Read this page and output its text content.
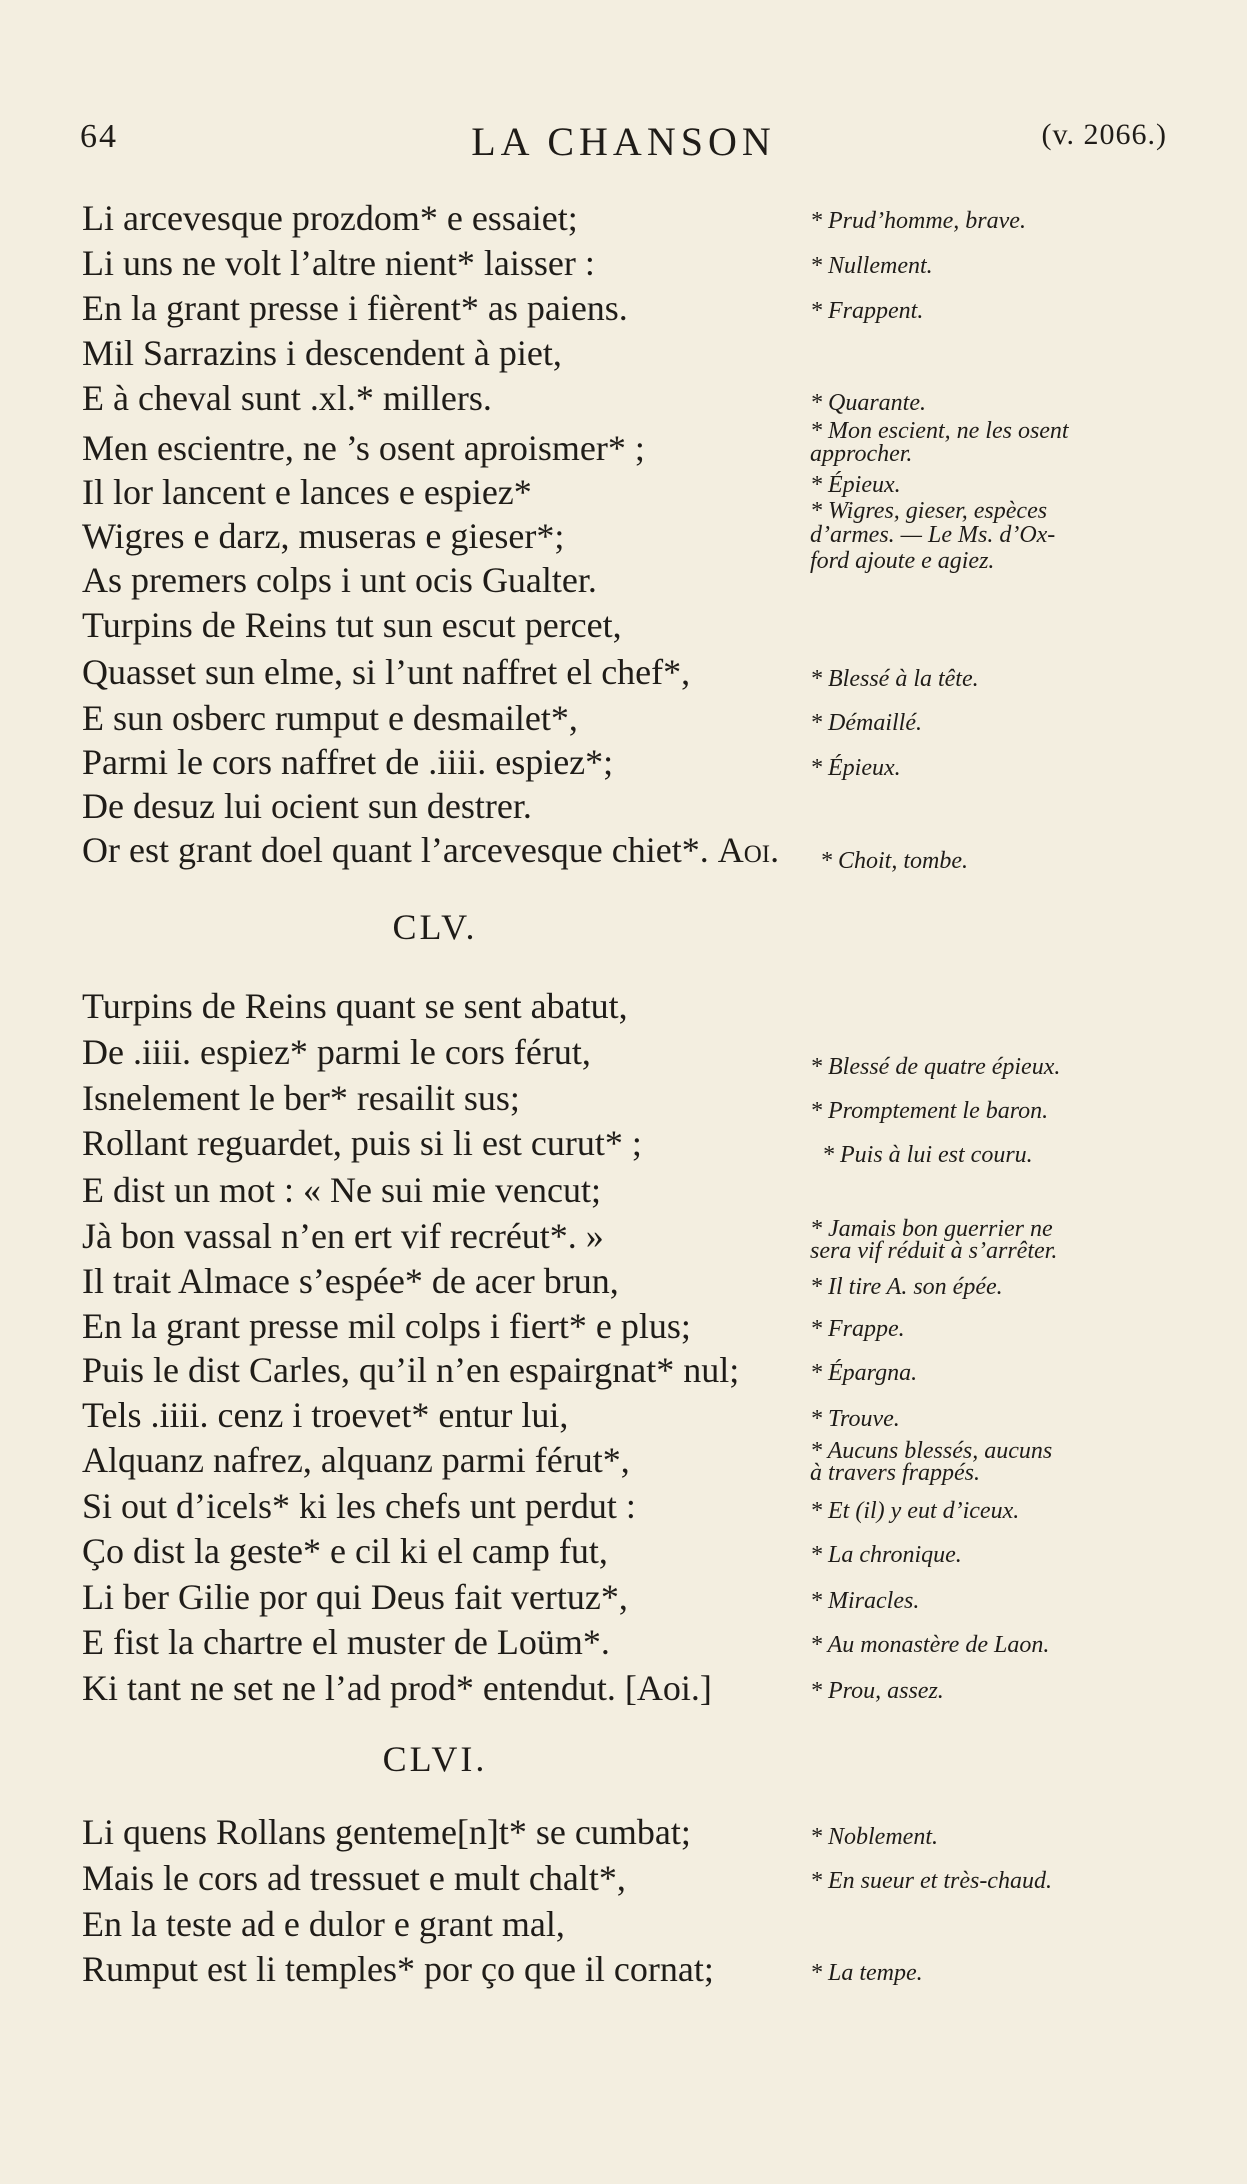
64	LA CHANSON	(v. 2066.)
Li arcevesque prozdom* e essaiet;
Li uns ne volt l’altre nient* laisser :
En la grant presse i fièrent* as paiens.
Mil Sarrazins i descendent à piet,
E à cheval sunt .xl.* millers.
Men escientre, ne ’s osent aproismer* ;
Il lor lancent e lances e espiez*
Wigres e darz, museras e gieser*;
As premers colps i unt ocis Gualter.
Turpins de Reins tut sun escut percet,
Quasset sun elme, si l’unt naffret el chef*,
E sun osberc rumput e desmailet*,
Parmi le cors naffret de .iiii. espiez*;
De desuz lui ocient sun destrer.
Or est grant doel quant l’arcevesque chiet*. Aoi.
* Prud’homme, brave.
* Nullement.
* Frappent.
* Quarante.
* Mon escient, ne les osent
approcher.
* Épieux.
* Wigres, gieser, espèces
d’armes. — Le Ms. d’Ox-
ford ajoute e agiez.
* Blessé à la tête.
* Démaillé.
* Épieux.
* Choit, tombe.
CLV.
Turpins de Reins quant se sent abatut,
De .iiii. espiez* parmi le cors férut,
Isnelement le ber* resailit sus;
Rollant reguardet, puis si li est curut* ;
E dist un mot : « Ne sui mie vencut;
Jà bon vassal n’en ert vif recréut*. »
Il trait Almace s’espée* de acer brun,
En la grant presse mil colps i fiert* e plus;
Puis le dist Carles, qu’il n’en espairgnat* nul;
Tels .iiii. cenz i troevet* entur lui,
Alquanz nafrez, alquanz parmi férut*,
Si out d’icels* ki les chefs unt perdut :
Ço dist la geste* e cil ki el camp fut,
Li ber Gilie por qui Deus fait vertuz*,
E fist la chartre el muster de Loüm*.
Ki tant ne set ne l’ad prod* entendut. [Aoi.]
* Blessé de quatre épieux.
* Promptement le baron.
* Puis à lui est couru.
* Jamais bon guerrier ne
sera vif réduit à s’arrêter.
* Il tire A. son épée.
* Frappe.
* Épargna.
* Trouve.
* Aucuns blessés, aucuns
à travers frappés.
* Et (il) y eut d’iceux.
* La chronique.
* Miracles.
* Au monastère de Laon.
* Prou, assez.
CLVI.
Li quens Rollans genteme[n]t* se cumbat;
Mais le cors ad tressuet e mult chalt*,
En la teste ad e dulor e grant mal,
Rumput est li temples* por ço que il cornat;
* Noblement.
* En sueur et très-chaud.
* La tempe.
